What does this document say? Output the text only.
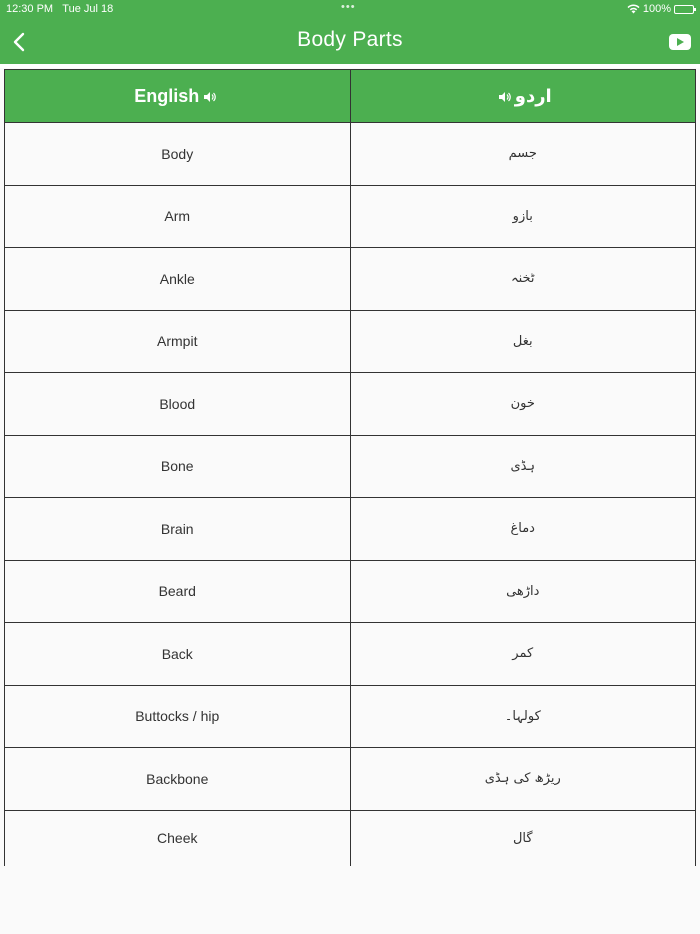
12:30 PM Tue Jul 18	•••	100%
Body Parts
English	اردو
Body	جسم
Arm	بازو
Ankle	ٹخنہ
Armpit	بغل
Blood	خون
Bone	ہڈی
Brain	دماغ
Beard	داڑھی
Back	کمر
Buttocks / hip	کولہا۔
Backbone	ریڑھ کی ہڈی
Cheek	گال
